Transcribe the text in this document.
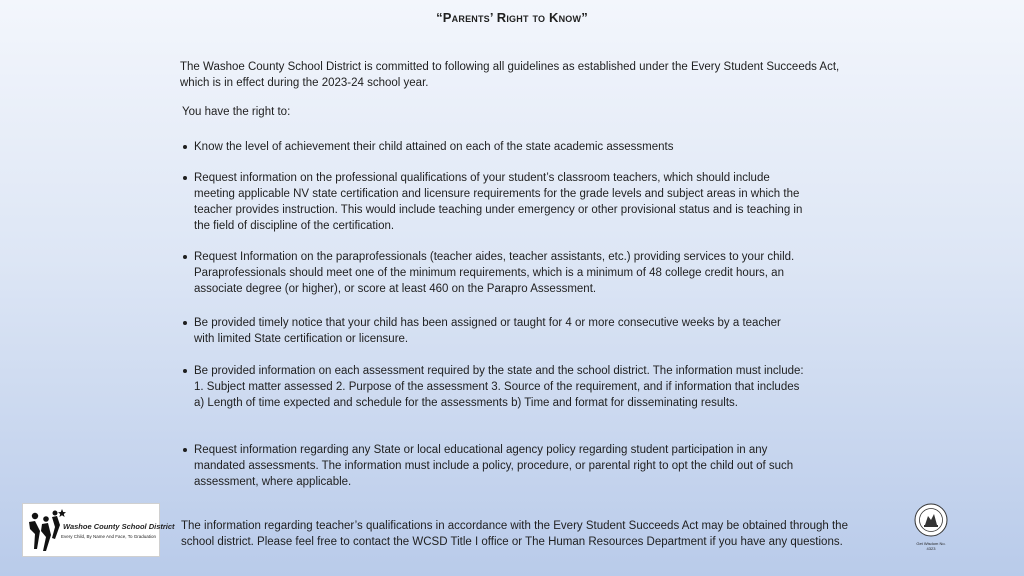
“Parents’ Right to Know”
The Washoe County School District is committed to following all guidelines as established under the Every Student Succeeds Act, which is in effect during the 2023-24 school year.
You have the right to:
Know the level of achievement their child attained on each of the state academic assessments
Request information on the professional qualifications of your student’s classroom teachers, which should include meeting applicable NV state certification and licensure requirements for the grade levels and subject areas in which the teacher provides instruction. This would include teaching under emergency or other provisional status and is teaching in the field of discipline of the certification.
Request Information on the paraprofessionals (teacher aides, teacher assistants, etc.) providing services to your child. Paraprofessionals should meet one of the minimum requirements, which is a minimum of 48 college credit hours, an associate degree (or higher), or score at least 460 on the Parapro Assessment.
Be provided timely notice that your child has been assigned or taught for 4 or more consecutive weeks by a teacher with limited State certification or licensure.
Be provided information on each assessment required by the state and the school district. The information must include: 1. Subject matter assessed 2. Purpose of the assessment 3. Source of the requirement, and if information that includes a) Length of time expected and schedule for the assessments b) Time and format for disseminating results.
Request information regarding any State or local educational agency policy regarding student participation in any mandated assessments. The information must include a policy, procedure, or parental right to opt the child out of such assessment, where applicable.
The information regarding teacher’s qualifications in accordance with the Every Student Succeeds Act may be obtained through the school district. Please feel free to contact the WCSD Title I office or The Human Resources Department if you have any questions.
Washoe County School District
Every Child, By Name And Face, To Graduation
Get Wisdom No. 4323
